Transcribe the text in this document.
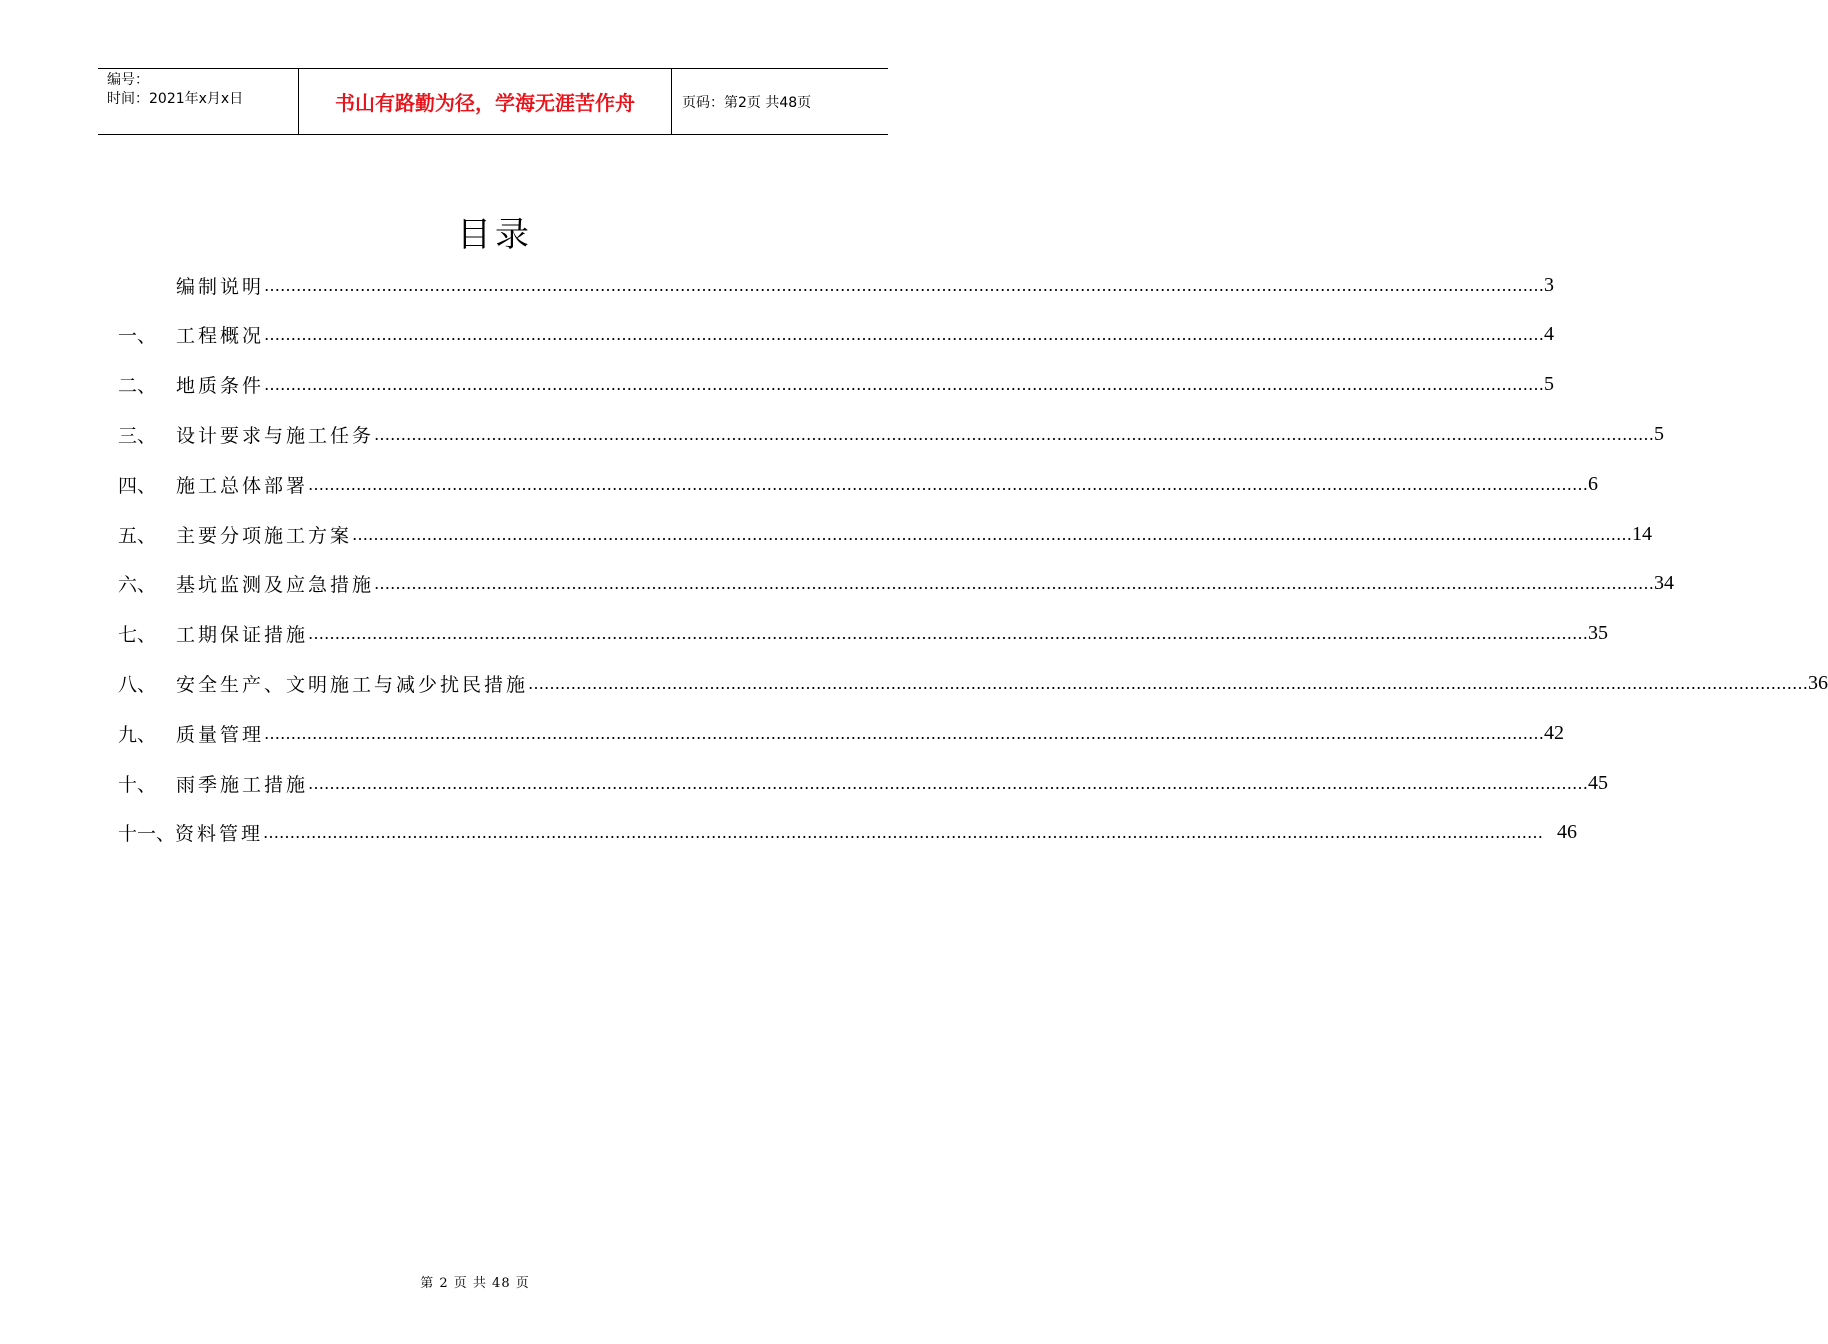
编号：
时间：2021年x月x日	书山有路勤为径，学海无涯苦作舟	页码：第2页 共48页
目录
编制说明 …………………………………………………………………………………………………………………………………………………………………………………………………………………… 3
一、	工程概况 …………………………………………………………………………………………………………………………………………………………………………………………………………………… 4
二、	地质条件 …………………………………………………………………………………………………………………………………………………………………………………………………………………… 5
三、	设计要求与施工任务 …………………………………………………………………………………………………………………………………………………………………………………………………………………… 5
四、	施工总体部署 …………………………………………………………………………………………………………………………………………………………………………………………………………………… 6
五、	主要分项施工方案 …………………………………………………………………………………………………………………………………………………………………………………………………………………… 14
六、	基坑监测及应急措施 …………………………………………………………………………………………………………………………………………………………………………………………………………………… 34
七、	工期保证措施 …………………………………………………………………………………………………………………………………………………………………………………………………………………… 35
八、	安全生产、文明施工与减少扰民措施 …………………………………………………………………………………………………………………………………………………………………………………………………………………… 36
九、	质量管理 …………………………………………………………………………………………………………………………………………………………………………………………………………………… 42
十、	雨季施工措施 …………………………………………………………………………………………………………………………………………………………………………………………………………………… 45
十一、 资料管理 …………………………………………………………………………………………………………………………………………………………………………………………………………………… 46
第 2 页 共 48 页
